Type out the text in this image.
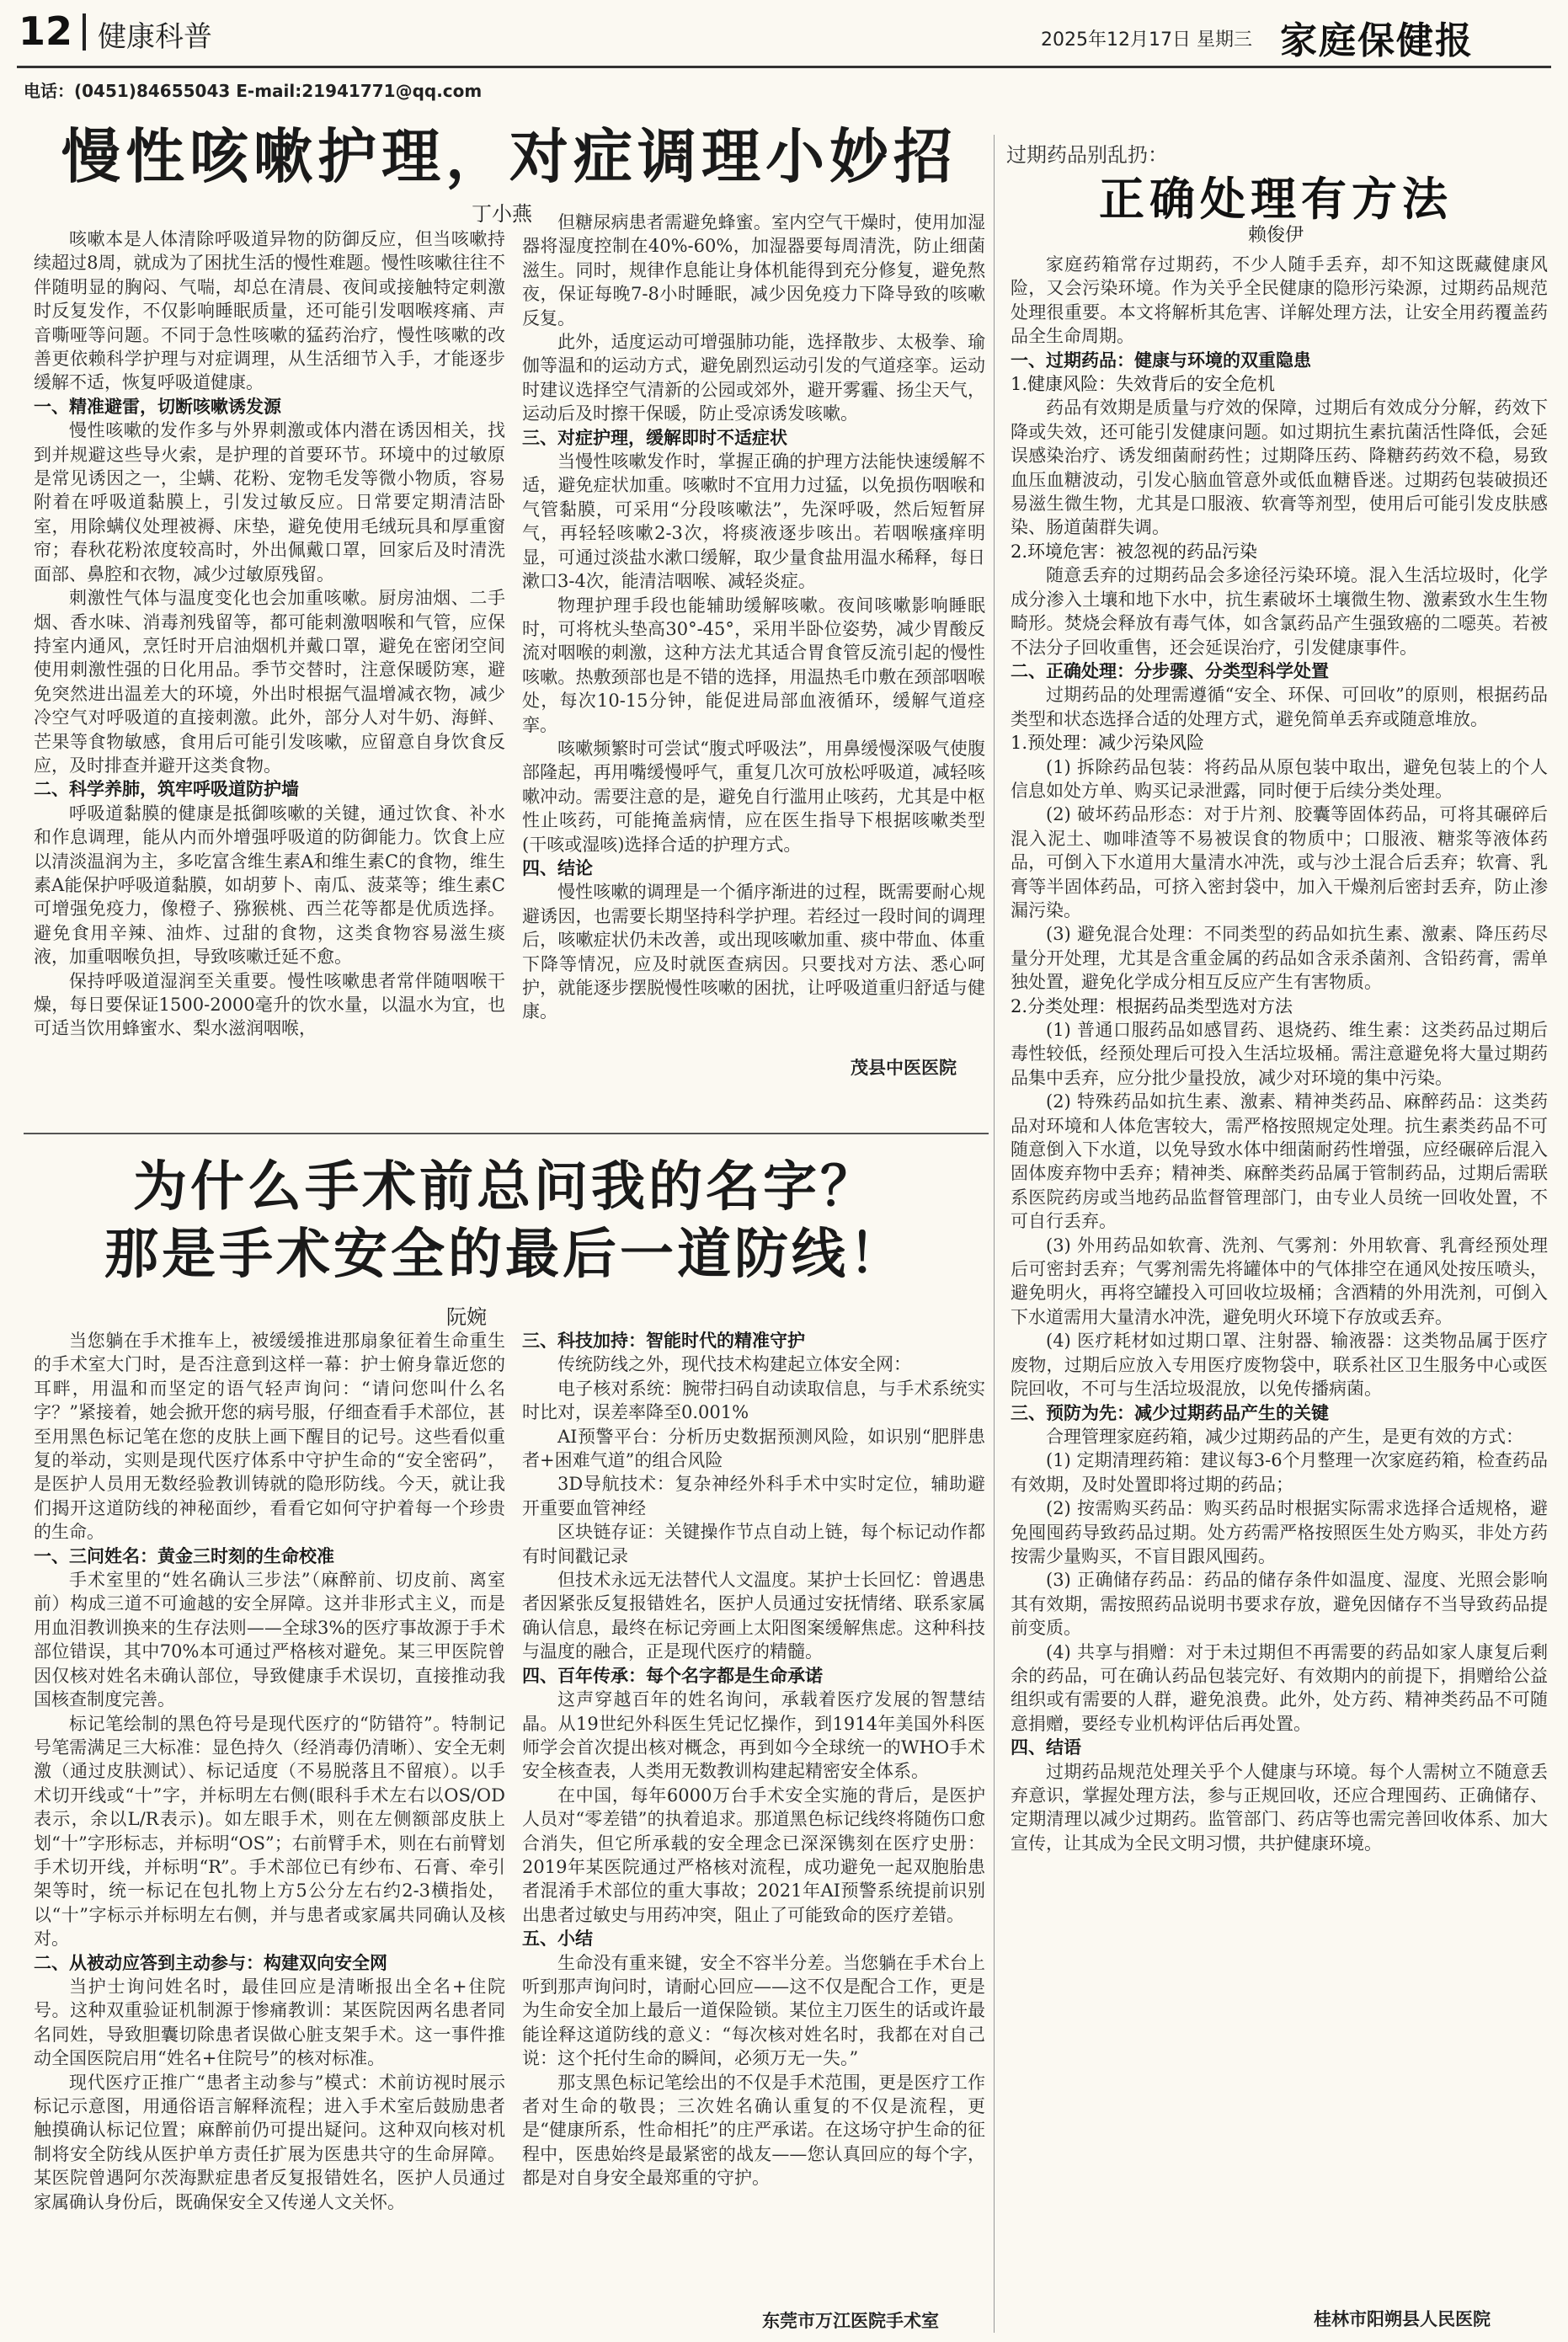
12 健康科普	2025年12月17日 星期三 家庭保健报
电话：(0451)84655043 E-mail:21941771@qq.com
慢性咳嗽护理，对症调理小妙招
丁小燕

咳嗽本是人体清除呼吸道异物的防御反应，但当咳嗽持续超过8周，就成为了困扰生活的慢性难题。慢性咳嗽往往不伴随明显的胸闷、气喘，却总在清晨、夜间或接触特定刺激时反复发作，不仅影响睡眠质量，还可能引发咽喉疼痛、声音嘶哑等问题。不同于急性咳嗽的猛药治疗，慢性咳嗽的改善更依赖科学护理与对症调理，从生活细节入手，才能逐步缓解不适，恢复呼吸道健康。

一、精准避雷，切断咳嗽诱发源

慢性咳嗽的发作多与外界刺激或体内潜在诱因相关，找到并规避这些导火索，是护理的首要环节。环境中的过敏原是常见诱因之一，尘螨、花粉、宠物毛发等微小物质，容易附着在呼吸道黏膜上，引发过敏反应。日常要定期清洁卧室，用除螨仪处理被褥、床垫，避免使用毛绒玩具和厚重窗帘；春秋花粉浓度较高时，外出佩戴口罩，回家后及时清洗面部、鼻腔和衣物，减少过敏原残留。

刺激性气体与温度变化也会加重咳嗽。厨房油烟、二手烟、香水味、消毒剂残留等，都可能刺激咽喉和气管，应保持室内通风，烹饪时开启油烟机并戴口罩，避免在密闭空间使用刺激性强的日化用品。季节交替时，注意保暖防寒，避免突然进出温差大的环境，外出时根据气温增减衣物，减少冷空气对呼吸道的直接刺激。此外，部分人对牛奶、海鲜、芒果等食物敏感，食用后可能引发咳嗽，应留意自身饮食反应，及时排查并避开这类食物。

二、科学养肺，筑牢呼吸道防护墙

呼吸道黏膜的健康是抵御咳嗽的关键，通过饮食、补水和作息调理，能从内而外增强呼吸道的防御能力。饮食上应以清淡温润为主，多吃富含维生素A和维生素C的食物，维生素A能保护呼吸道黏膜，如胡萝卜、南瓜、菠菜等；维生素C可增强免疫力，像橙子、猕猴桃、西兰花等都是优质选择。避免食用辛辣、油炸、过甜的食物，这类食物容易滋生痰液，加重咽喉负担，导致咳嗽迁延不愈。

保持呼吸道湿润至关重要。慢性咳嗽患者常伴随咽喉干燥，每日要保证1500-2000毫升的饮水量，以温水为宜，也可适当饮用蜂蜜水、梨水滋润咽喉，

但糖尿病患者需避免蜂蜜。室内空气干燥时，使用加湿器将湿度控制在40%-60%，加湿器要每周清洗，防止细菌滋生。同时，规律作息能让身体机能得到充分修复，避免熬夜，保证每晚7-8小时睡眠，减少因免疫力下降导致的咳嗽反复。

此外，适度运动可增强肺功能，选择散步、太极拳、瑜伽等温和的运动方式，避免剧烈运动引发的气道痉挛。运动时建议选择空气清新的公园或郊外，避开雾霾、扬尘天气，运动后及时擦干保暖，防止受凉诱发咳嗽。

三、对症护理，缓解即时不适症状

当慢性咳嗽发作时，掌握正确的护理方法能快速缓解不适，避免症状加重。咳嗽时不宜用力过猛，以免损伤咽喉和气管黏膜，可采用“分段咳嗽法”，先深呼吸，然后短暂屏气，再轻轻咳嗽2-3次，将痰液逐步咳出。若咽喉瘙痒明显，可通过淡盐水漱口缓解，取少量食盐用温水稀释，每日漱口3-4次，能清洁咽喉、减轻炎症。

物理护理手段也能辅助缓解咳嗽。夜间咳嗽影响睡眠时，可将枕头垫高30°-45°，采用半卧位姿势，减少胃酸反流对咽喉的刺激，这种方法尤其适合胃食管反流引起的慢性咳嗽。热敷颈部也是不错的选择，用温热毛巾敷在颈部咽喉处，每次10-15分钟，能促进局部血液循环，缓解气道痉挛。

咳嗽频繁时可尝试“腹式呼吸法”，用鼻缓慢深吸气使腹部隆起，再用嘴缓慢呼气，重复几次可放松呼吸道，减轻咳嗽冲动。需要注意的是，避免自行滥用止咳药，尤其是中枢性止咳药，可能掩盖病情，应在医生指导下根据咳嗽类型(干咳或湿咳)选择合适的护理方式。

四、结论

慢性咳嗽的调理是一个循序渐进的过程，既需要耐心规避诱因，也需要长期坚持科学护理。若经过一段时间的调理后，咳嗽症状仍未改善，或出现咳嗽加重、痰中带血、体重下降等情况，应及时就医查病因。只要找对方法、悉心呵护，就能逐步摆脱慢性咳嗽的困扰，让呼吸道重归舒适与健康。

茂县中医医院
为什么手术前总问我的名字？
那是手术安全的最后一道防线！
阮婉

当您躺在手术推车上，被缓缓推进那扇象征着生命重生的手术室大门时，是否注意到这样一幕：护士俯身靠近您的耳畔，用温和而坚定的语气轻声询问：“请问您叫什么名字？”紧接着，她会掀开您的病号服，仔细查看手术部位，甚至用黑色标记笔在您的皮肤上画下醒目的记号。这些看似重复的举动，实则是现代医疗体系中守护生命的“安全密码”，是医护人员用无数经验教训铸就的隐形防线。今天，就让我们揭开这道防线的神秘面纱，看看它如何守护着每一个珍贵的生命。

一、三问姓名：黄金三时刻的生命校准

手术室里的“姓名确认三步法”（麻醉前、切皮前、离室前）构成三道不可逾越的安全屏障。这并非形式主义，而是用血泪教训换来的生存法则——全球3%的医疗事故源于手术部位错误，其中70%本可通过严格核对避免。某三甲医院曾因仅核对姓名未确认部位，导致健康手术误切，直接推动我国核查制度完善。

标记笔绘制的黑色符号是现代医疗的“防错符”。特制记号笔需满足三大标准：显色持久（经消毒仍清晰）、安全无刺激（通过皮肤测试）、标记适度（不易脱落且不留痕）。以手术切开线或“十”字，并标明左右侧(眼科手术左右以OS/OD表示，余以L/R表示)。如左眼手术，则在左侧额部皮肤上划“十”字形标志，并标明“OS”；右前臂手术，则在右前臂划手术切开线，并标明“R”。手术部位已有纱布、石膏、牵引架等时，统一标记在包扎物上方5公分左右约2-3横指处，以“十”字标示并标明左右侧，并与患者或家属共同确认及核对。

二、从被动应答到主动参与：构建双向安全网

当护士询问姓名时，最佳回应是清晰报出全名+住院号。这种双重验证机制源于惨痛教训：某医院因两名患者同名同姓，导致胆囊切除患者误做心脏支架手术。这一事件推动全国医院启用“姓名+住院号”的核对标准。

现代医疗正推广“患者主动参与”模式：术前访视时展示标记示意图，用通俗语言解释流程；进入手术室后鼓励患者触摸确认标记位置；麻醉前仍可提出疑问。这种双向核对机制将安全防线从医护单方责任扩展为医患共守的生命屏障。某医院曾遇阿尔茨海默症患者反复报错姓名，医护人员通过家属确认身份后，既确保安全又传递人文关怀。

三、科技加持：智能时代的精准守护

传统防线之外，现代技术构建起立体安全网：

电子核对系统：腕带扫码自动读取信息，与手术系统实时比对，误差率降至0.001%

AI预警平台：分析历史数据预测风险，如识别“肥胖患者+困难气道”的组合风险

3D导航技术：复杂神经外科手术中实时定位，辅助避开重要血管神经

区块链存证：关键操作节点自动上链，每个标记动作都有时间戳记录

但技术永远无法替代人文温度。某护士长回忆：曾遇患者因紧张反复报错姓名，医护人员通过安抚情绪、联系家属确认信息，最终在标记旁画上太阳图案缓解焦虑。这种科技与温度的融合，正是现代医疗的精髓。

四、百年传承：每个名字都是生命承诺

这声穿越百年的姓名询问，承载着医疗发展的智慧结晶。从19世纪外科医生凭记忆操作，到1914年美国外科医师学会首次提出核对概念，再到如今全球统一的WHO手术安全核查表，人类用无数教训构建起精密安全体系。

在中国，每年6000万台手术安全实施的背后，是医护人员对“零差错”的执着追求。那道黑色标记线终将随伤口愈合消失，但它所承载的安全理念已深深镌刻在医疗史册：2019年某医院通过严格核对流程，成功避免一起双胞胎患者混淆手术部位的重大事故；2021年AI预警系统提前识别出患者过敏史与用药冲突，阻止了可能致命的医疗差错。

五、小结

生命没有重来键，安全不容半分差。当您躺在手术台上听到那声询问时，请耐心回应——这不仅是配合工作，更是为生命安全加上最后一道保险锁。某位主刀医生的话或许最能诠释这道防线的意义：“每次核对姓名时，我都在对自己说：这个托付生命的瞬间，必须万无一失。”

那支黑色标记笔绘出的不仅是手术范围，更是医疗工作者对生命的敬畏；三次姓名确认重复的不仅是流程，更是“健康所系，性命相托”的庄严承诺。在这场守护生命的征程中，医患始终是最紧密的战友——您认真回应的每个字，都是对自身安全最郑重的守护。

东莞市万江医院手术室
过期药品别乱扔：
正确处理有方法
赖俊伊

家庭药箱常存过期药，不少人随手丢弃，却不知这既藏健康风险，又会污染环境。作为关乎全民健康的隐形污染源，过期药品规范处理很重要。本文将解析其危害、详解处理方法，让安全用药覆盖药品全生命周期。

一、过期药品：健康与环境的双重隐患
1.健康风险：失效背后的安全危机

药品有效期是质量与疗效的保障，过期后有效成分分解，药效下降或失效，还可能引发健康问题。如过期抗生素抗菌活性降低，会延误感染治疗、诱发细菌耐药性；过期降压药、降糖药药效不稳，易致血压血糖波动，引发心脑血管意外或低血糖昏迷。过期药包装破损还易滋生微生物，尤其是口服液、软膏等剂型，使用后可能引发皮肤感染、肠道菌群失调。

2.环境危害：被忽视的药品污染

随意丢弃的过期药品会多途径污染环境。混入生活垃圾时，化学成分渗入土壤和地下水中，抗生素破坏土壤微生物、激素致水生生物畸形。焚烧会释放有毒气体，如含氯药品产生强致癌的二噁英。若被不法分子回收重售，还会延误治疗，引发健康事件。

二、正确处理：分步骤、分类型科学处置

过期药品的处理需遵循“安全、环保、可回收”的原则，根据药品类型和状态选择合适的处理方式，避免简单丢弃或随意堆放。

1.预处理：减少污染风险

(1) 拆除药品包装：将药品从原包装中取出，避免包装上的个人信息如处方单、购买记录泄露，同时便于后续分类处理。

(2) 破坏药品形态：对于片剂、胶囊等固体药品，可将其碾碎后混入泥土、咖啡渣等不易被误食的物质中；口服液、糖浆等液体药品，可倒入下水道用大量清水冲洗，或与沙土混合后丢弃；软膏、乳膏等半固体药品，可挤入密封袋中，加入干燥剂后密封丢弃，防止渗漏污染。

(3) 避免混合处理：不同类型的药品如抗生素、激素、降压药尽量分开处理，尤其是含重金属的药品如含汞杀菌剂、含铅药膏，需单独处置，避免化学成分相互反应产生有害物质。

2.分类处理：根据药品类型选对方法

(1) 普通口服药品如感冒药、退烧药、维生素：这类药品过期后毒性较低，经预处理后可投入生活垃圾桶。需注意避免将大量过期药品集中丢弃，应分批少量投放，减少对环境的集中污染。

(2) 特殊药品如抗生素、激素、精神类药品、麻醉药品：这类药品对环境和人体危害较大，需严格按照规定处理。抗生素类药品不可随意倒入下水道，以免导致水体中细菌耐药性增强，应经碾碎后混入固体废弃物中丢弃；精神类、麻醉类药品属于管制药品，过期后需联系医院药房或当地药品监督管理部门，由专业人员统一回收处置，不可自行丢弃。

(3) 外用药品如软膏、洗剂、气雾剂：外用软膏、乳膏经预处理后可密封丢弃；气雾剂需先将罐体中的气体排空在通风处按压喷头，避免明火，再将空罐投入可回收垃圾桶；含酒精的外用洗剂，可倒入下水道需用大量清水冲洗，避免明火环境下存放或丢弃。

(4) 医疗耗材如过期口罩、注射器、输液器：这类物品属于医疗废物，过期后应放入专用医疗废物袋中，联系社区卫生服务中心或医院回收，不可与生活垃圾混放，以免传播病菌。

三、预防为先：减少过期药品产生的关键

合理管理家庭药箱，减少过期药品的产生，是更有效的方式：

(1) 定期清理药箱：建议每3-6个月整理一次家庭药箱，检查药品有效期，及时处置即将过期的药品；

(2) 按需购买药品：购买药品时根据实际需求选择合适规格，避免囤囤药导致药品过期。处方药需严格按照医生处方购买，非处方药按需少量购买，不盲目跟风囤药。

(3) 正确储存药品：药品的储存条件如温度、湿度、光照会影响其有效期，需按照药品说明书要求存放，避免因储存不当导致药品提前变质。

(4) 共享与捐赠：对于未过期但不再需要的药品如家人康复后剩余的药品，可在确认药品包装完好、有效期内的前提下，捐赠给公益组织或有需要的人群，避免浪费。此外，处方药、精神类药品不可随意捐赠，要经专业机构评估后再处置。

四、结语

过期药品规范处理关乎个人健康与环境。每个人需树立不随意丢弃意识，掌握处理方法，参与正规回收，还应合理囤药、正确储存、定期清理以减少过期药。监管部门、药店等也需完善回收体系、加大宣传，让其成为全民文明习惯，共护健康环境。

桂林市阳朔县人民医院
